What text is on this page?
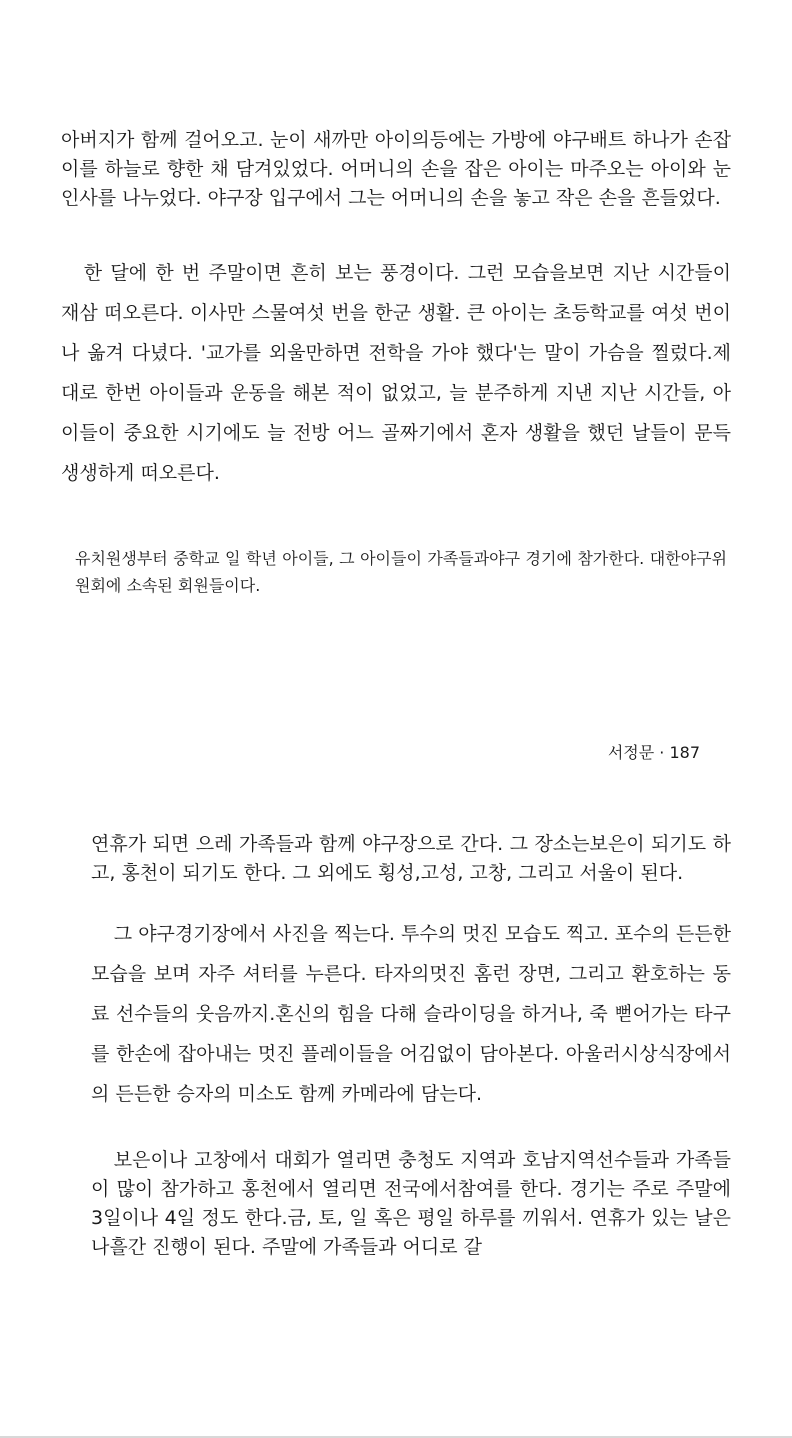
아버지가 함께 걸어오고. 눈이 새까만 아이의등에는 가방에 야구배트 하나가 손잡이를 하늘로 향한 채 담겨있었다. 어머니의 손을 잡은 아이는 마주오는 아이와 눈인사를 나누었다. 야구장 입구에서 그는 어머니의 손을 놓고 작은 손을 흔들었다.

한 달에 한 번 주말이면 흔히 보는 풍경이다. 그런 모습을보면 지난 시간들이 재삼 떠오른다. 이사만 스물여섯 번을 한군 생활. 큰 아이는 초등학교를 여섯 번이나 옮겨 다녔다. '교가를 외울만하면 전학을 가야 했다'는 말이 가슴을 찔렀다.제대로 한번 아이들과 운동을 해본 적이 없었고, 늘 분주하게 지낸 지난 시간들, 아이들이 중요한 시기에도 늘 전방 어느 골짜기에서 혼자 생활을 했던 날들이 문득 생생하게 떠오른다.

유치원생부터 중학교 일 학년 아이들, 그 아이들이 가족들과야구 경기에 참가한다. 대한야구위원회에 소속된 회원들이다.

서정문 · 187

연휴가 되면 으레 가족들과 함께 야구장으로 간다. 그 장소는보은이 되기도 하고, 홍천이 되기도 한다. 그 외에도 횡성,고성, 고창, 그리고 서울이 된다.

그 야구경기장에서 사진을 찍는다. 투수의 멋진 모습도 찍고. 포수의 든든한 모습을 보며 자주 셔터를 누른다. 타자의멋진 홈런 장면, 그리고 환호하는 동료 선수들의 웃음까지.혼신의 힘을 다해 슬라이딩을 하거나, 죽 뻗어가는 타구를 한손에 잡아내는 멋진 플레이들을 어김없이 담아본다. 아울러시상식장에서의 든든한 승자의 미소도 함께 카메라에 담는다.

보은이나 고창에서 대회가 열리면 충청도 지역과 호남지역선수들과 가족들이 많이 참가하고 홍천에서 열리면 전국에서참여를 한다. 경기는 주로 주말에 3일이나 4일 정도 한다.금, 토, 일 혹은 평일 하루를 끼워서. 연휴가 있는 날은 나흘간 진행이 된다. 주말에 가족들과 어디로 갈
